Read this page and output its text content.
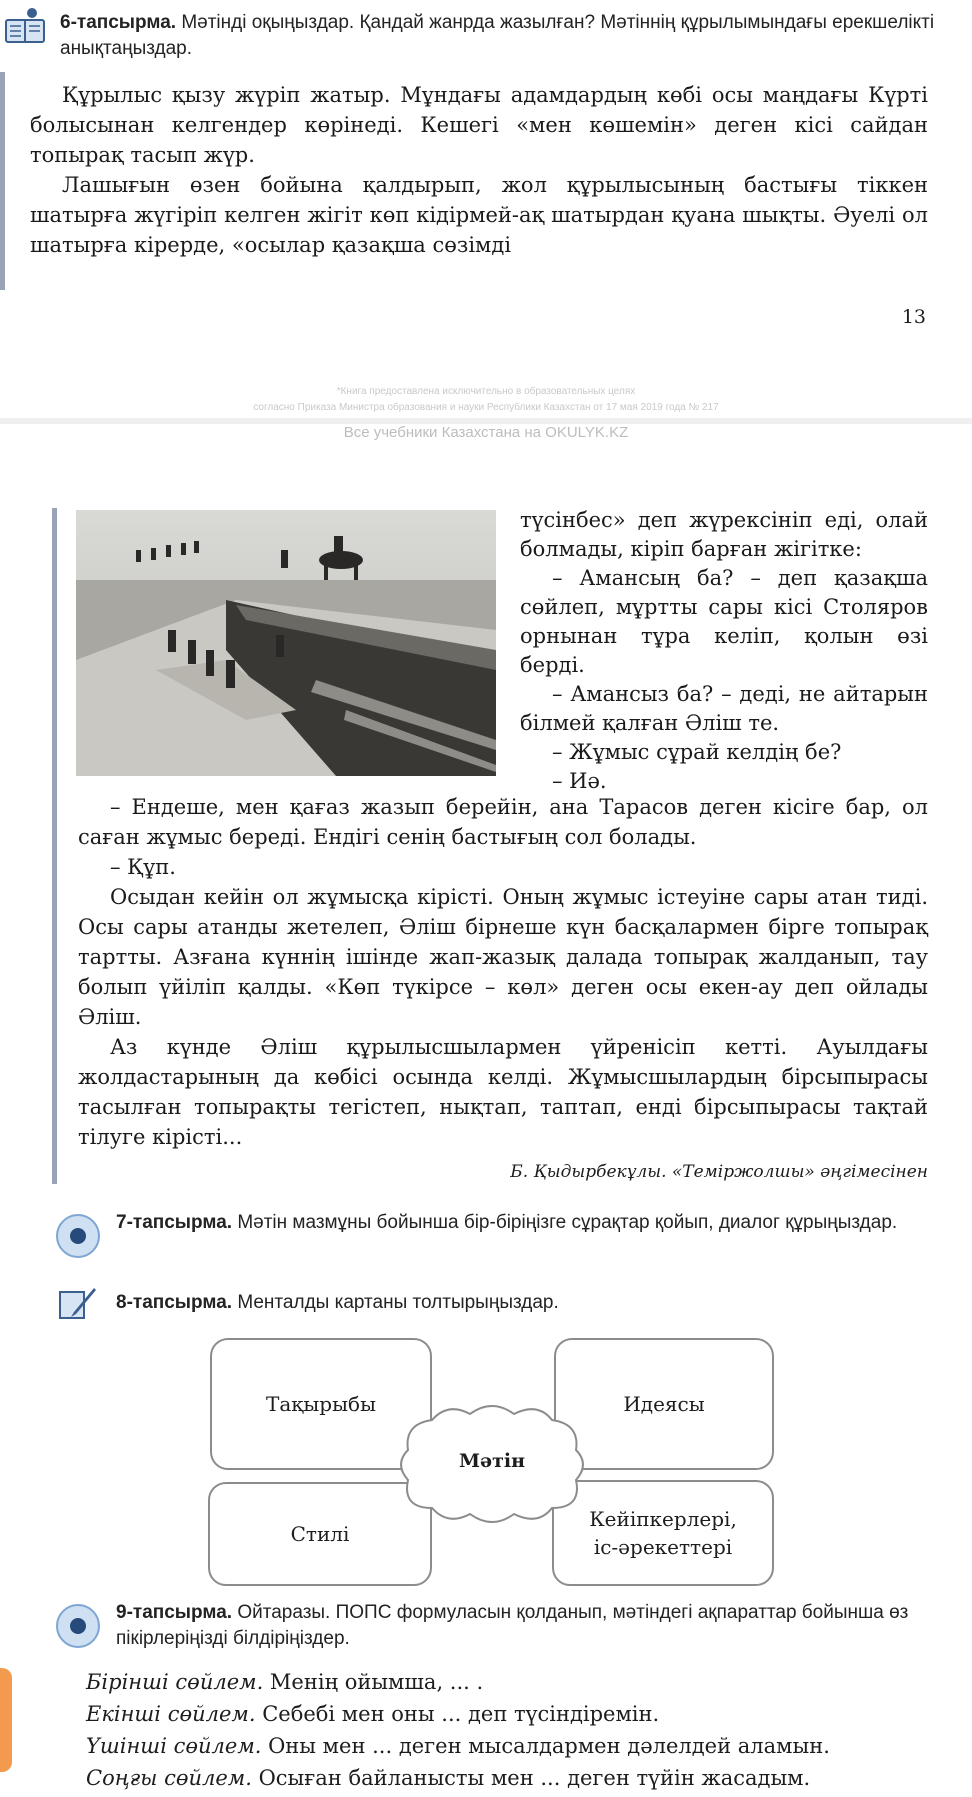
6-тапсырма. Мәтінді оқыңыздар. Қандай жанрда жазылған? Мәтіннің құрылымындағы ерекшелікті анықтаңыздар.

Құрылыс қызу жүріп жатыр. Мұндағы адамдардың көбі осы маңдағы Күрті болысынан келгендер көрінеді. Кешегі «мен көшемін» деген кісі сайдан топырақ тасып жүр.

Лашығын өзен бойына қалдырып, жол құрылысының бастығы тіккен шатырға жүгіріп келген жігіт көп кідірмей-ақ шатырдан қуана шықты. Әуелі ол шатырға кірерде, «осылар қазақша сөзімді

13
*Книга предоставлена исключительно в образовательных целях
согласно Приказа Министра образования и науки Республики Казахстан от 17 мая 2019 года № 217
Все учебники Казахстана на OKULYK.KZ

түсінбес» деп жүрексініп еді, олай болмады, кіріп барған жігітке:

– Амансың ба? – деп қазақша сөйлеп, мұртты сары кісі Столяров орнынан тұра келіп, қолын өзі берді.

– Амансыз ба? – деді, не айтарын білмей қалған Әліш те.

– Жұмыс сұрай келдің бе?

– Иә.

– Ендеше, мен қағаз жазып берейін, ана Тарасов деген кісіге бар, ол саған жұмыс береді. Ендігі сенің бастығың сол болады.

– Құп.

Осыдан кейін ол жұмысқа кірісті. Оның жұмыс істеуіне сары атан тиді. Осы сары атанды жетелеп, Әліш бірнеше күн басқалармен бірге топырақ тартты. Азғана күннің ішінде жап-жазық далада топырақ жалданып, тау болып үйіліп қалды. «Көп түкірсе – көл» деген осы екен-ау деп ойлады Әліш.

Аз күнде Әліш құрылысшылармен үйренісіп кетті. Ауылдағы жолдастарының да көбісі осында келді. Жұмысшылардың бірсыпырасы тасылған топырақты тегістеп, нықтап, таптап, енді бірсыпырасы тақтай тілуге кірісті...

Б. Қыдырбекұлы. «Теміржолшы» әңгімесінен
7-тапсырма. Мәтін мазмұны бойынша бір-біріңізге сұрақтар қойып, диалог құрыңыздар.
8-тапсырма. Менталды картаны толтырыңыздар.
Тақырыбы	Идеясы
Стилі
Кейіпкерлері,
іс-әрекеттері
Мәтін
9-тапсырма. Ойтаразы. ПОПС формуласын қолданып, мәтіндегі ақпараттар бойынша өз пікірлеріңізді білдіріңіздер.
Бірінші сөйлем. Менің ойымша, ... .
Екінші сөйлем. Себебі мен оны ... деп түсіндіремін.
Үшінші сөйлем. Оны мен ... деген мысалдармен дәлелдей аламын.
Соңғы сөйлем. Осыған байланысты мен ... деген түйін жасадым.
